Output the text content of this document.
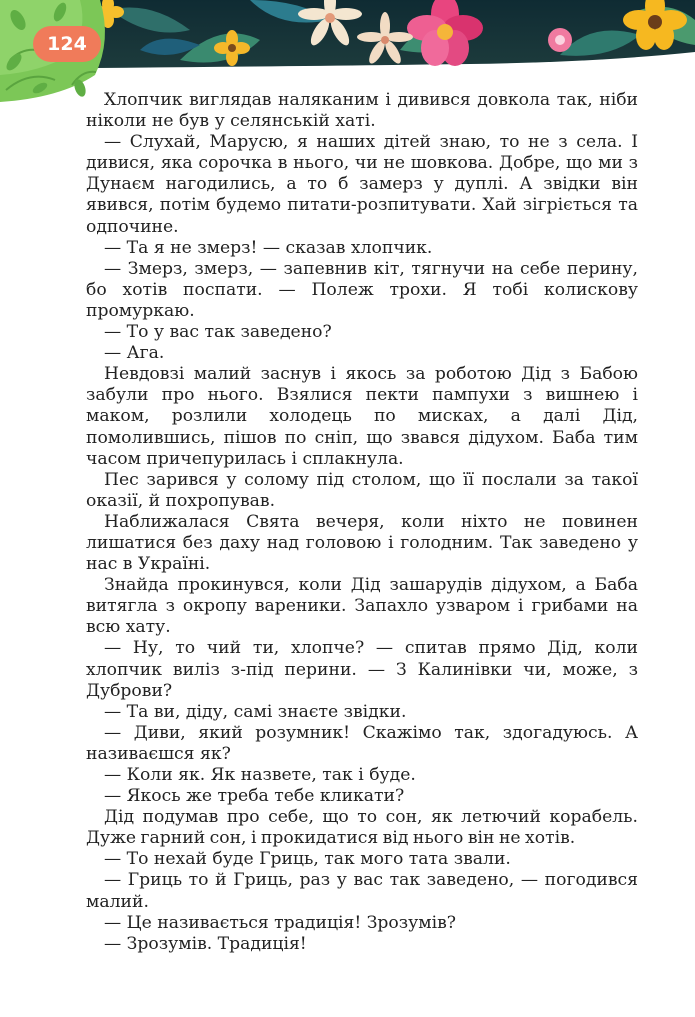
124

Хлопчик виглядав наляканим і дивився довкола так, ніби ніколи не був у селянській хаті.

— Слухай, Марусю, я наших дітей знаю, то не з села. І дивися, яка сорочка в нього, чи не шовкова. Добре, що ми з Дунаєм нагодились, а то б замерз у дуплі. А звідки він явився, потім будемо питати-розпитувати. Хай зігріється та одпочине.

— Та я не змерз! — сказав хлопчик.

— Змерз, змерз, — запевнив кіт, тягнучи на себе перину, бо хотів поспати. — Полеж трохи. Я тобі колискову промуркаю.

— То у вас так заведено?

— Ага.

Невдовзі малий заснув і якось за роботою Дід з Бабою забули про нього. Взялися пекти пампухи з вишнею і маком, розлили холодець по мисках, а далі Дід, помолившись, пішов по сніп, що звався дідухом. Баба тим часом причепурилась і сплакнула.

Пес зарився у солому під столом, що її послали за такої оказії, й похропував.

Наближалася Свята вечеря, коли ніхто не повинен лишатися без даху над головою і голодним. Так заведено у нас в Україні.

Знайда прокинувся, коли Дід зашарудів дідухом, а Баба витягла з окропу вареники. Запахло узваром і грибами на всю хату.

— Ну, то чий ти, хлопче? — спитав прямо Дід, коли хлопчик виліз з-під перини. — З Калинівки чи, може, з Дуброви?

— Та ви, діду, самі знаєте звідки.

— Диви, який розумник! Скажімо так, здогадуюсь. А називаєшся як?

— Коли як. Як назвете, так і буде.

— Якось же треба тебе кликати?

Дід подумав про себе, що то сон, як летючий корабель. Дуже гарний сон, і прокидатися від нього він не хотів.

— То нехай буде Гриць, так мого тата звали.

— Гриць то й Гриць, раз у вас так заведено, — погодився малий.

— Це називається традиція! Зрозумів?

— Зрозумів. Традиція!
